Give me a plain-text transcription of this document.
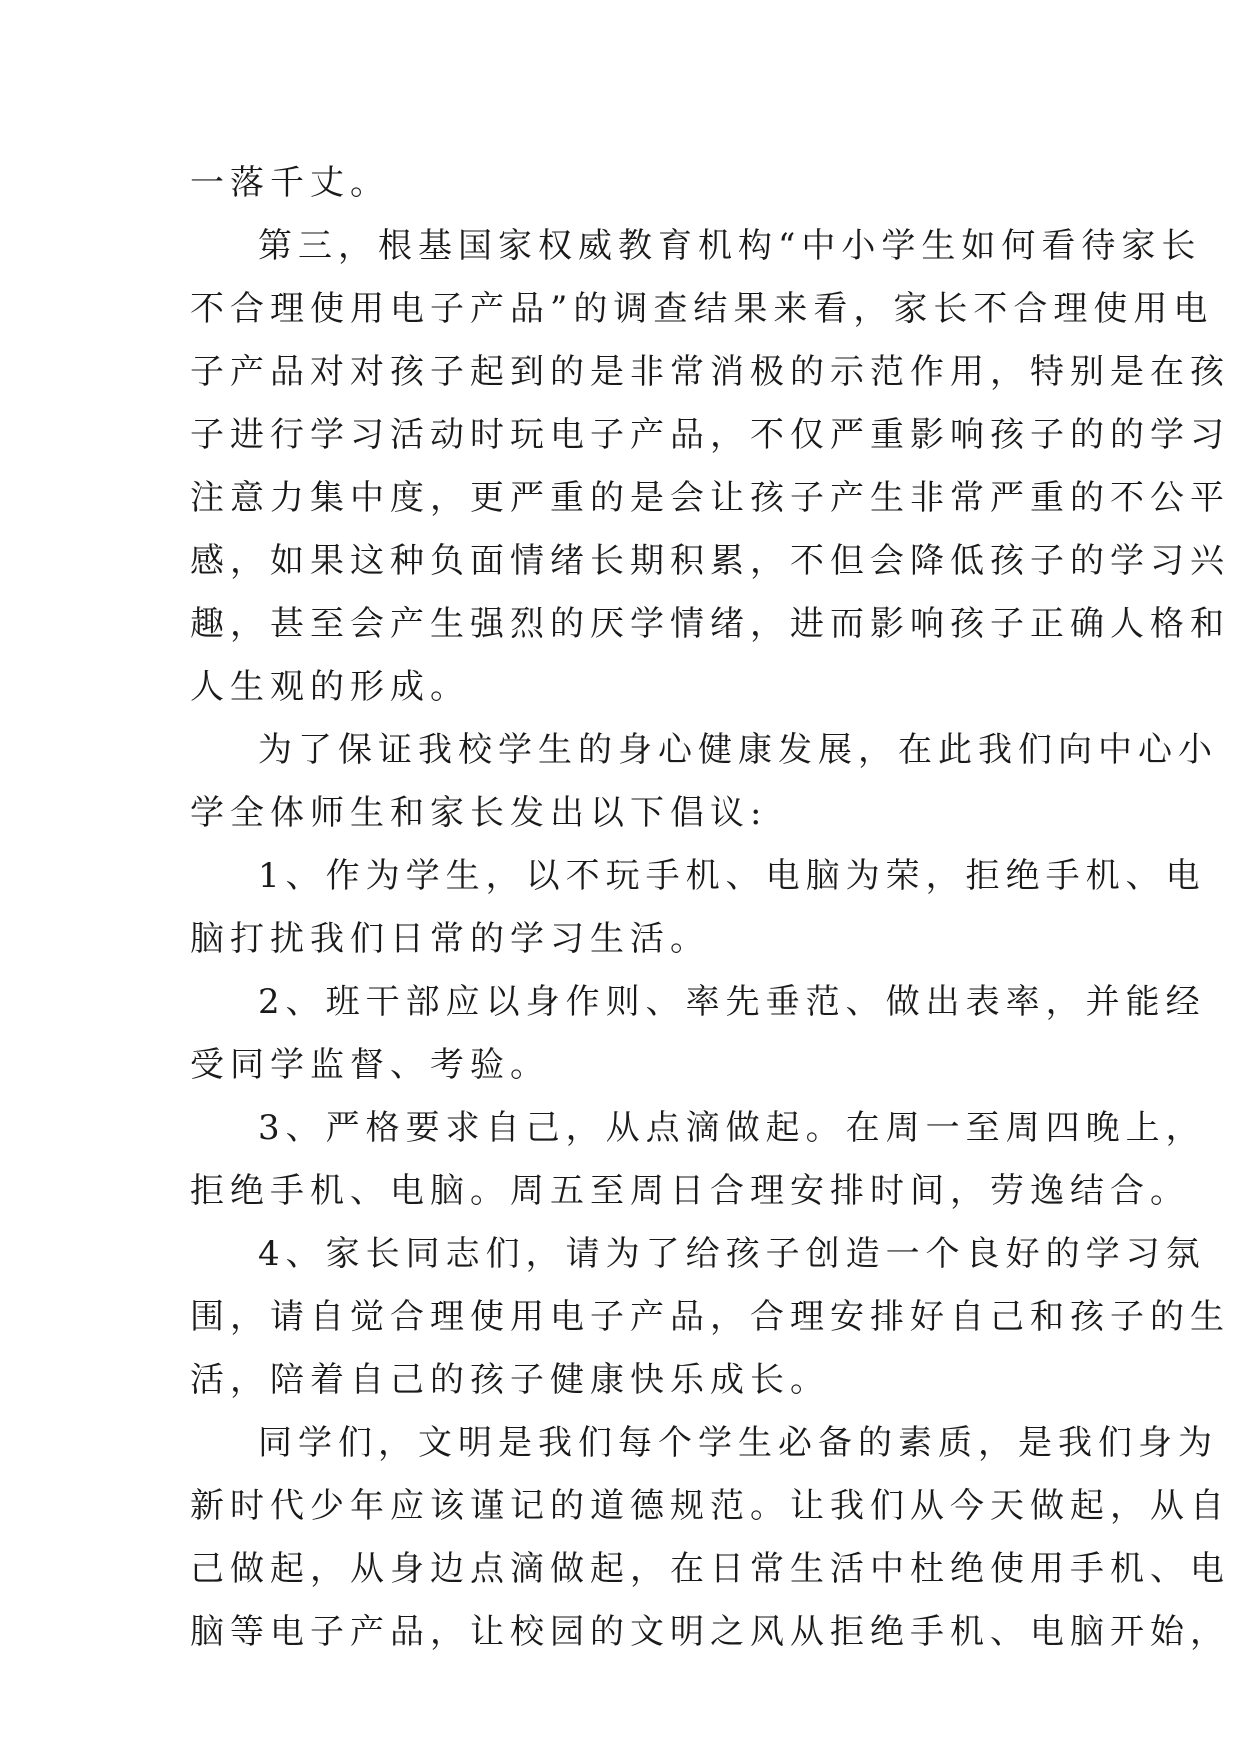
一落千丈。
第三，根基国家权威教育机构“中小学生如何看待家长
不合理使用电子产品”的调查结果来看，家长不合理使用电
子产品对对孩子起到的是非常消极的示范作用，特别是在孩
子进行学习活动时玩电子产品，不仅严重影响孩子的的学习
注意力集中度，更严重的是会让孩子产生非常严重的不公平
感，如果这种负面情绪长期积累，不但会降低孩子的学习兴
趣，甚至会产生强烈的厌学情绪，进而影响孩子正确人格和
人生观的形成。
为了保证我校学生的身心健康发展，在此我们向中心小
学全体师生和家长发出以下倡议:
1、作为学生，以不玩手机、电脑为荣，拒绝手机、电
脑打扰我们日常的学习生活。
2、班干部应以身作则、率先垂范、做出表率，并能经
受同学监督、考验。
3、严格要求自己，从点滴做起。在周一至周四晚上，
拒绝手机、电脑。周五至周日合理安排时间，劳逸结合。
4、家长同志们，请为了给孩子创造一个良好的学习氛
围，请自觉合理使用电子产品，合理安排好自己和孩子的生
活，陪着自己的孩子健康快乐成长。
同学们，文明是我们每个学生必备的素质，是我们身为
新时代少年应该谨记的道德规范。让我们从今天做起，从自
己做起，从身边点滴做起，在日常生活中杜绝使用手机、电
脑等电子产品，让校园的文明之风从拒绝手机、电脑开始，
